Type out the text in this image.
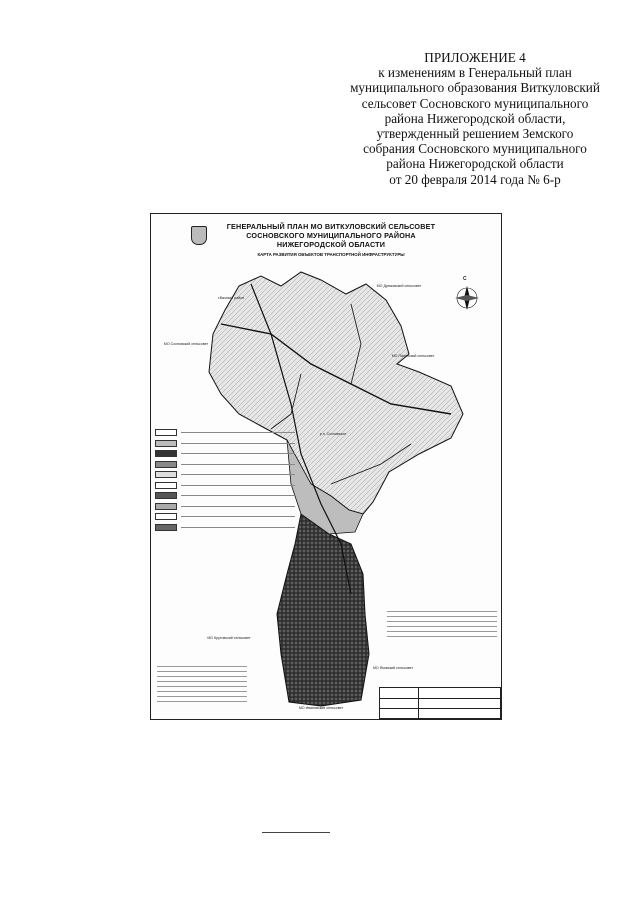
ПРИЛОЖЕНИЕ 4
к изменениям в Генеральный план
муниципального образования Виткуловский
сельсовет Сосновского муниципального
района Нижегородской области,
утвержденный решением Земского
собрания Сосновского муниципального
района Нижегородской области
от 20 февраля 2014 года № 6-р
ГЕНЕРАЛЬНЫЙ ПЛАН МО ВИТКУЛОВСКИЙ СЕЛЬСОВЕТ
СОСНОВСКОГО МУНИЦИПАЛЬНОГО РАЙОНА
НИЖЕГОРОДСКОЙ ОБЛАСТИ
КАРТА РАЗВИТИЯ ОБЪЕКТОВ ТРАНСПОРТНОЙ ИНФРАСТРУКТУРЫ
С
г.Вачский район
МО Дрюковский сельсовет
МО Сосновский сельсовет
МО Панинский сельсовет
р.п. Сосновское
МО Крутовский сельсовет
МО Яковский сельсовет
МО Ивановский сельсовет
